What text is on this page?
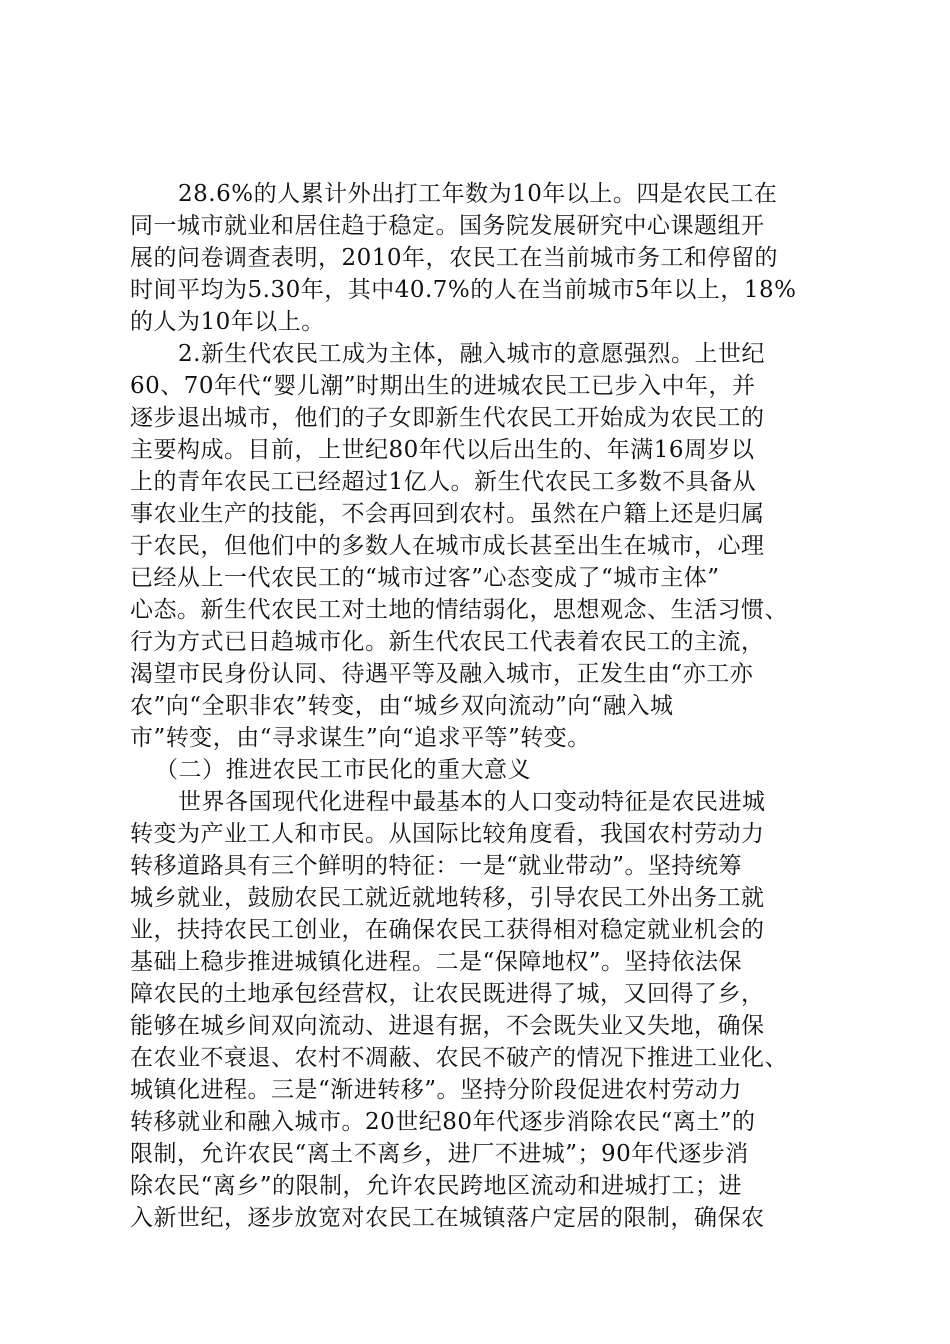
28.6%的人累计外出打工年数为10年以上。四是农民工在
同一城市就业和居住趋于稳定。国务院发展研究中心课题组开
展的问卷调查表明，2010年，农民工在当前城市务工和停留的
时间平均为5.30年，其中40.7%的人在当前城市5年以上，18%
的人为10年以上。
2.新生代农民工成为主体，融入城市的意愿强烈。上世纪
60、70年代“婴儿潮”时期出生的进城农民工已步入中年，并
逐步退出城市，他们的子女即新生代农民工开始成为农民工的
主要构成。目前，上世纪80年代以后出生的、年满16周岁以
上的青年农民工已经超过1亿人。新生代农民工多数不具备从
事农业生产的技能，不会再回到农村。虽然在户籍上还是归属
于农民，但他们中的多数人在城市成长甚至出生在城市，心理
已经从上一代农民工的“城市过客”心态变成了“城市主体”
心态。新生代农民工对土地的情结弱化，思想观念、生活习惯、
行为方式已日趋城市化。新生代农民工代表着农民工的主流，
渴望市民身份认同、待遇平等及融入城市，正发生由“亦工亦
农”向“全职非农”转变，由“城乡双向流动”向“融入城
市”转变，由“寻求谋生”向“追求平等”转变。
（二）推进农民工市民化的重大意义
世界各国现代化进程中最基本的人口变动特征是农民进城
转变为产业工人和市民。从国际比较角度看，我国农村劳动力
转移道路具有三个鲜明的特征：一是“就业带动”。坚持统筹
城乡就业，鼓励农民工就近就地转移，引导农民工外出务工就
业，扶持农民工创业，在确保农民工获得相对稳定就业机会的
基础上稳步推进城镇化进程。二是“保障地权”。坚持依法保
障农民的土地承包经营权，让农民既进得了城，又回得了乡，
能够在城乡间双向流动、进退有据，不会既失业又失地，确保
在农业不衰退、农村不凋蔽、农民不破产的情况下推进工业化、
城镇化进程。三是“渐进转移”。坚持分阶段促进农村劳动力
转移就业和融入城市。20世纪80年代逐步消除农民“离土”的
限制，允许农民“离土不离乡，进厂不进城”；90年代逐步消
除农民“离乡”的限制，允许农民跨地区流动和进城打工；进
入新世纪，逐步放宽对农民工在城镇落户定居的限制，确保农
